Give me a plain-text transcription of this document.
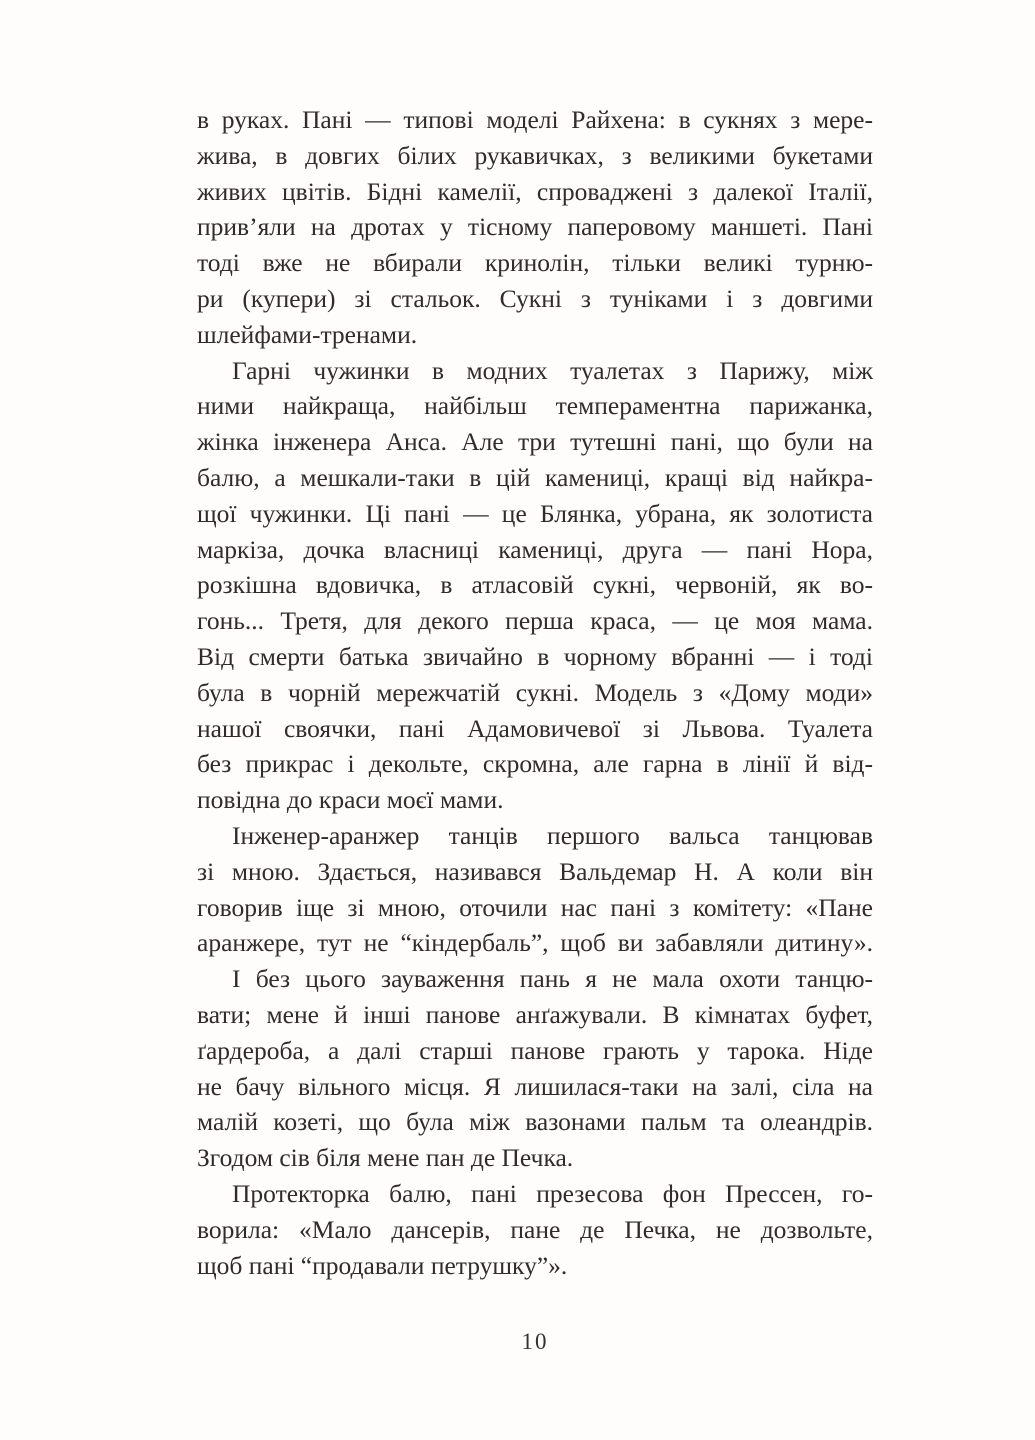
в руках. Пані — типові моделі Райхена: в сукнях з мере-
жива, в довгих білих рукавичках, з великими букетами
живих цвітів. Бідні камелії, спроваджені з далекої Італії,
прив’яли на дротах у тісному паперовому маншеті. Пані
тоді вже не вбирали кринолін, тільки великі турню-
ри (купери) зі стальок. Сукні з туніками і з довгими
шлейфами-тренами.
Гарні чужинки в модних туалетах з Парижу, між
ними найкраща, найбільш темпераментна парижанка,
жінка інженера Анса. Але три тутешні пані, що були на
балю, а мешкали-таки в цій камениці, кращі від найкра-
щої чужинки. Ці пані — це Блянка, убрана, як золотиста
маркіза, дочка власниці камениці, друга — пані Нора,
розкішна вдовичка, в атласовій сукні, червоній, як во-
гонь... Третя, для декого перша краса, — це моя мама.
Від смерти батька звичайно в чорному вбранні — і тоді
була в чорній мережчатій сукні. Модель з «Дому моди»
нашої своячки, пані Адамовичевої зі Львова. Туалета
без прикрас і декольте, скромна, але гарна в лінії й від-
повідна до краси моєї мами.
Інженер-аранжер танців першого вальса танцював
зі мною. Здається, називався Вальдемар Н. А коли він
говорив іще зі мною, оточили нас пані з комітету: «Пане
аранжере, тут не “кіндербаль”, щоб ви забавляли дитину».
І без цього зауваження пань я не мала охоти танцю-
вати; мене й інші панове анґажували. В кімнатах буфет,
ґардероба, а далі старші панове грають у тарока. Ніде
не бачу вільного місця. Я лишилася-таки на залі, сіла на
малій козеті, що була між вазонами пальм та олеандрів.
Згодом сів біля мене пан де Печка.
Протекторка балю, пані презесова фон Прессен, го-
ворила: «Мало дансерів, пане де Печка, не дозвольте,
щоб пані “продавали петрушку”».
10
